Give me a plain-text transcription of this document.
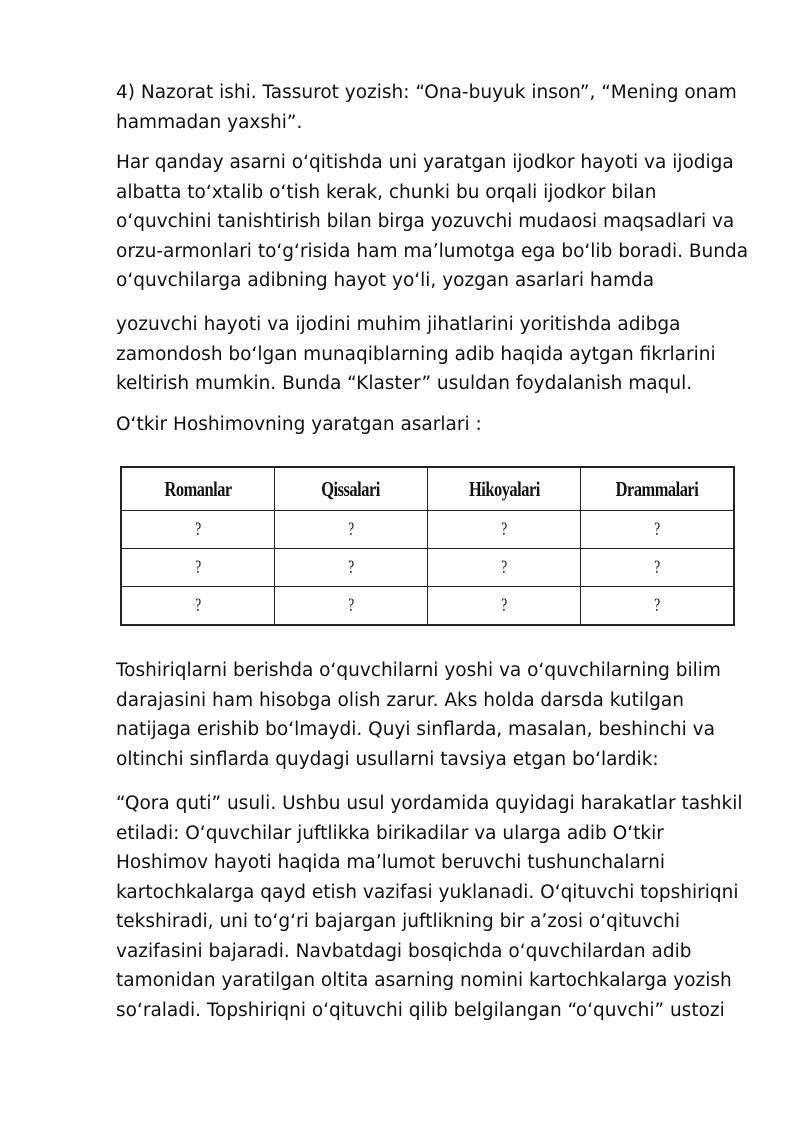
4) Nazorat ishi. Tassurot yozish: “Ona-buyuk inson”, “Mening onam hammadan yaxshi”.

Har qanday asarni oʻqitishda uni yaratgan ijodkor hayoti va ijodiga albatta toʻxtalib oʻtish kerak, chunki bu orqali ijodkor bilan oʻquvchini tanishtirish bilan birga yozuvchi mudaosi maqsadlari va orzu-armonlari toʻgʻrisida ham maʼlumotga ega boʻlib boradi. Bunda oʻquvchilarga adibning hayot yoʻli, yozgan asarlari hamda

yozuvchi hayoti va ijodini muhim jihatlarini yoritishda adibga zamondosh boʻlgan munaqiblarning adib haqida aytgan fikrlarini keltirish mumkin. Bunda “Klaster” usuldan foydalanish maqul.

Oʻtkir Hoshimovning yaratgan asarlari :

Romanlar	Qissalari	Hikoyalari	Drammalari
?	?	?	?
?	?	?	?
?	?	?	?

Toshiriqlarni berishda oʻquvchilarni yoshi va oʻquvchilarning bilim darajasini ham hisobga olish zarur. Aks holda darsda kutilgan natijaga erishib boʻlmaydi. Quyi sinflarda, masalan, beshinchi va oltinchi sinflarda quydagi usullarni tavsiya etgan boʻlardik:

“Qora quti” usuli. Ushbu usul yordamida quyidagi harakatlar tashkil etiladi: Oʻquvchilar juftlikka birikadilar va ularga adib Oʻtkir Hoshimov hayoti haqida maʼlumot beruvchi tushunchalarni kartochkalarga qayd etish vazifasi yuklanadi. Oʻqituvchi topshiriqni tekshiradi, uni toʻgʻri bajargan juftlikning bir aʼzosi oʻqituvchi vazifasini bajaradi. Navbatdagi bosqichda oʻquvchilardan adib tamonidan yaratilgan oltita asarning nomini kartochkalarga yozish soʻraladi. Topshiriqni oʻqituvchi qilib belgilangan “oʻquvchi” ustozi
